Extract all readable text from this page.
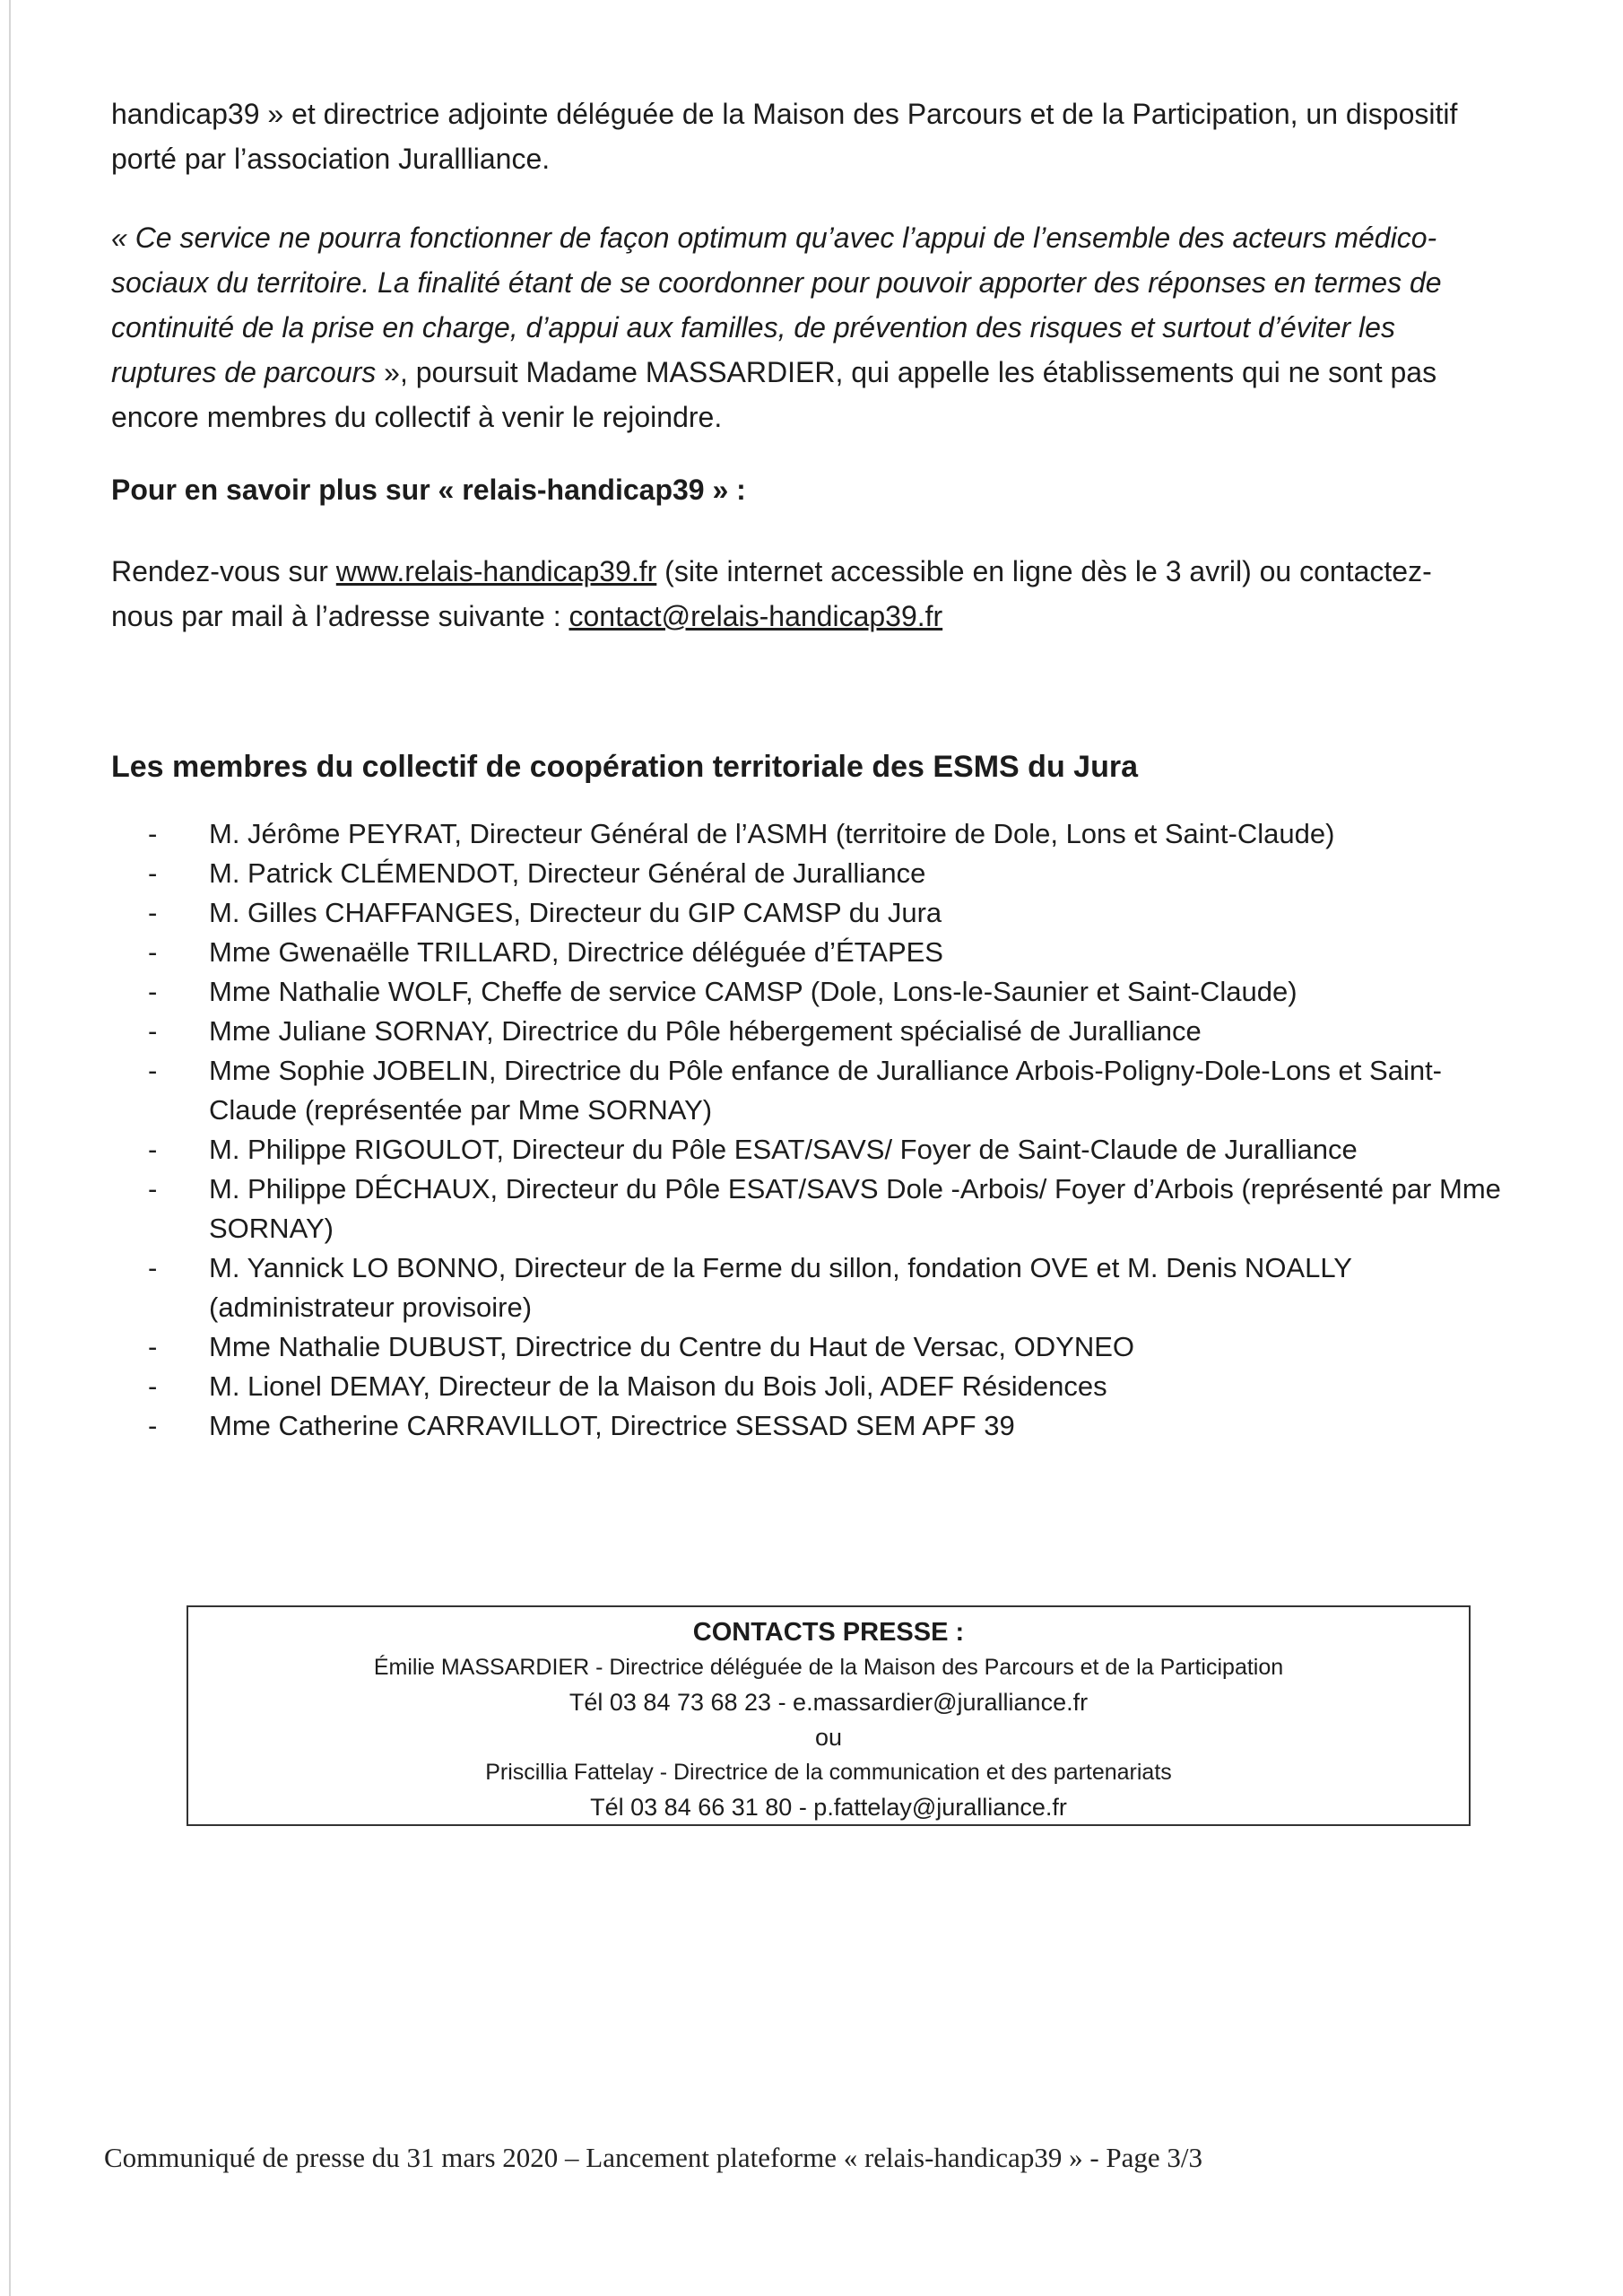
handicap39 » et directrice adjointe déléguée de la Maison des Parcours et de la Participation, un dispositif

porté par l’association Jurallliance.

« Ce service ne pourra fonctionner de façon optimum qu’avec l’appui de l’ensemble des acteurs médico-

sociaux du territoire. La finalité étant de se coordonner pour pouvoir apporter des réponses en termes de

continuité de la prise en charge, d’appui aux familles, de prévention des risques et surtout d’éviter les

ruptures de parcours », poursuit Madame MASSARDIER, qui appelle les établissements qui ne sont pas

encore membres du collectif à venir le rejoindre.

Pour en savoir plus sur « relais-handicap39 » :

Rendez-vous sur www.relais-handicap39.fr (site internet accessible en ligne dès le 3 avril) ou contactez-

nous par mail à l’adresse suivante : contact@relais-handicap39.fr

Les membres du collectif de coopération territoriale des ESMS du Jura
- M. Jérôme PEYRAT, Directeur Général de l’ASMH (territoire de Dole, Lons et Saint-Claude)
- M. Patrick CLÉMENDOT, Directeur Général de Juralliance
- M. Gilles CHAFFANGES, Directeur du GIP CAMSP du Jura
- Mme Gwenaëlle TRILLARD, Directrice déléguée d’ÉTAPES
- Mme Nathalie WOLF, Cheffe de service CAMSP (Dole, Lons-le-Saunier et Saint-Claude)
- Mme Juliane SORNAY, Directrice du Pôle hébergement spécialisé de Juralliance
- Mme Sophie JOBELIN, Directrice du Pôle enfance de Juralliance Arbois-Poligny-Dole-Lons et Saint-Claude (représentée par Mme SORNAY)
- M. Philippe RIGOULOT, Directeur du Pôle ESAT/SAVS/ Foyer de Saint-Claude de Juralliance
- M. Philippe DÉCHAUX, Directeur du Pôle ESAT/SAVS Dole -Arbois/ Foyer d’Arbois (représenté par Mme SORNAY)
- M. Yannick LO BONNO, Directeur de la Ferme du sillon, fondation OVE et M. Denis NOALLY (administrateur provisoire)
- Mme Nathalie DUBUST, Directrice du Centre du Haut de Versac, ODYNEO
- M. Lionel DEMAY, Directeur de la Maison du Bois Joli, ADEF Résidences
- Mme Catherine CARRAVILLOT, Directrice SESSAD SEM APF 39
CONTACTS PRESSE :
Émilie MASSARDIER - Directrice déléguée de la Maison des Parcours et de la Participation
Tél 03 84 73 68 23 - e.massardier@juralliance.fr
ou
Priscillia Fattelay - Directrice de la communication et des partenariats
Tél 03 84 66 31 80 - p.fattelay@juralliance.fr
Communiqué de presse du 31 mars 2020 – Lancement plateforme « relais-handicap39 » - Page 3/3
